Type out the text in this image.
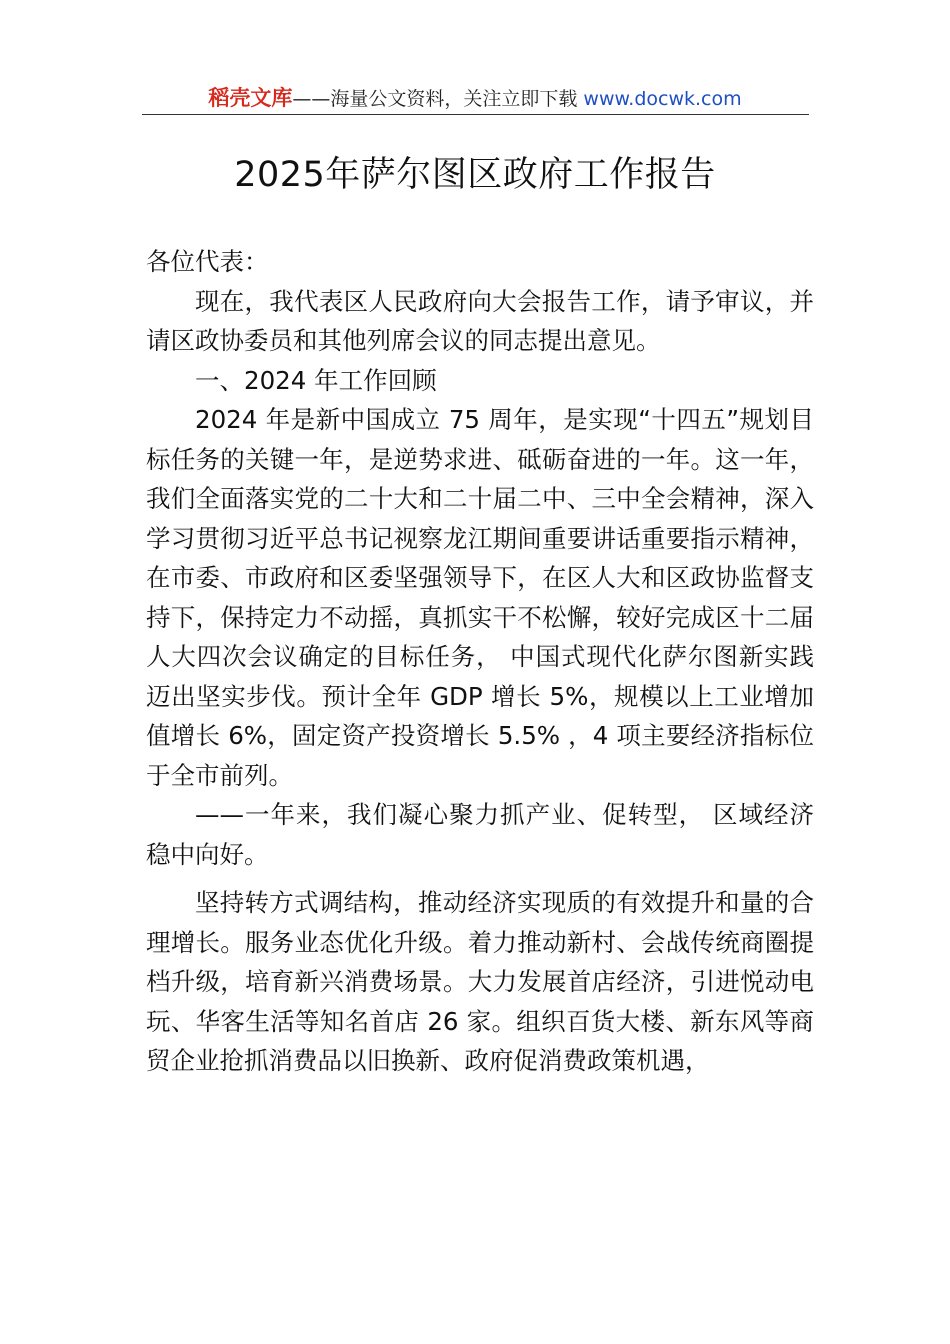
稻壳文库——海量公文资料，关注立即下载 www.docwk.com
2025年萨尔图区政府工作报告

各位代表：

现在，我代表区人民政府向大会报告工作，请予审议，并请区政协委员和其他列席会议的同志提出意见。

一、2024 年工作回顾

2024 年是新中国成立 75 周年，是实现“十四五”规划目标任务的关键一年，是逆势求进、砥砺奋进的一年。这一年，我们全面落实党的二十大和二十届二中、三中全会精神，深入学习贯彻习近平总书记视察龙江期间重要讲话重要指示精神，在市委、市政府和区委坚强领导下，在区人大和区政协监督支持下，保持定力不动摇，真抓实干不松懈，较好完成区十二届人大四次会议确定的目标任务， 中国式现代化萨尔图新实践迈出坚实步伐。预计全年 GDP 增长 5%，规模以上工业增加值增长 6%，固定资产投资增长 5.5% ，4 项主要经济指标位于全市前列。

——一年来，我们凝心聚力抓产业、促转型， 区域经济 稳中向好。

坚持转方式调结构，推动经济实现质的有效提升和量的合理增长。服务业态优化升级。着力推动新村、会战传统商圈提档升级，培育新兴消费场景。大力发展首店经济，引进悦动电玩、华客生活等知名首店 26 家。组织百货大楼、新东风等商贸企业抢抓消费品以旧换新、政府促消费政策机遇，
